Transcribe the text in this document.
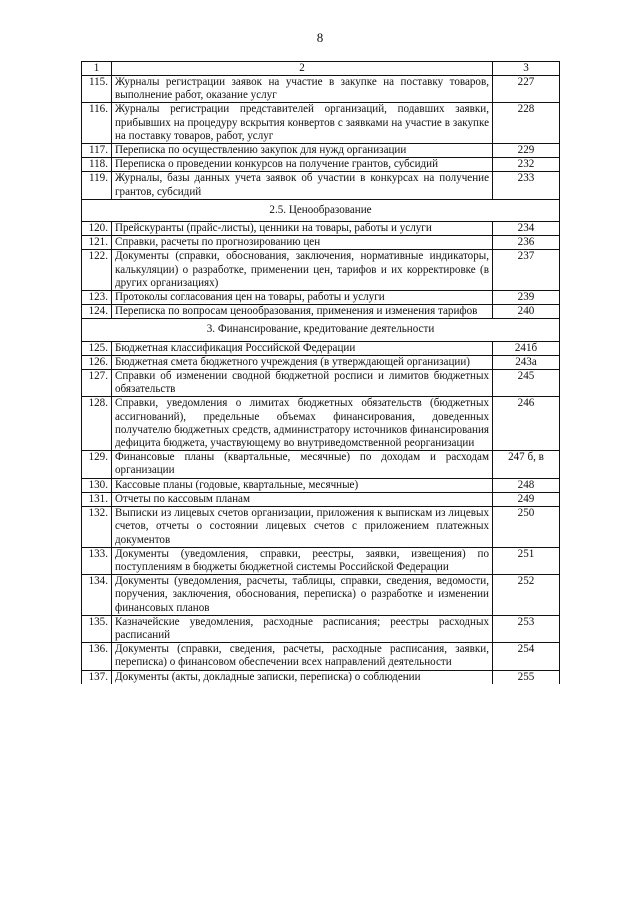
8
1	2	3
115.	Журналы регистрации заявок на участие в закупке на поставку товаров, выполнение работ, оказание услуг	227
116.	Журналы регистрации представителей организаций, подавших заявки, прибывших на процедуру вскрытия конвертов с заявками на участие в закупке на поставку товаров, работ, услуг	228
117.	Переписка по осуществлению закупок для нужд организации	229
118.	Переписка о проведении конкурсов на получение грантов, субсидий	232
119.	Журналы, базы данных учета заявок об участии в конкурсах на получение грантов, субсидий	233
2.5. Ценообразование		
120.	Прейскуранты (прайс-листы), ценники на товары, работы и услуги	234
121.	Справки, расчеты по прогнозированию цен	236
122.	Документы (справки, обоснования, заключения, нормативные индикаторы, калькуляции) о разработке, применении цен, тарифов и их корректировке (в других организациях)	237
123.	Протоколы согласования цен на товары, работы и услуги	239
124.	Переписка по вопросам ценообразования, применения и изменения тарифов	240
3. Финансирование, кредитование деятельности		
125.	Бюджетная классификация Российской Федерации	241б
126.	Бюджетная смета бюджетного учреждения (в утверждающей организации)	243а
127.	Справки об изменении сводной бюджетной росписи и лимитов бюджетных обязательств	245
128.	Справки, уведомления о лимитах бюджетных обязательств (бюджетных ассигнований), предельные объемах финансирования, доведенных получателю бюджетных средств, администратору источников финансирования дефицита бюджета, участвующему во внутриведомственной реорганизации	246
129.	Финансовые планы (квартальные, месячные) по доходам и расходам организации	247 б, в
130.	Кассовые планы (годовые, квартальные, месячные)	248
131.	Отчеты по кассовым планам	249
132.	Выписки из лицевых счетов организации, приложения к выпискам из лицевых счетов, отчеты о состоянии лицевых счетов с приложением платежных документов	250
133.	Документы (уведомления, справки, реестры, заявки, извещения) по поступлениям в бюджеты бюджетной системы Российской Федерации	251
134.	Документы (уведомления, расчеты, таблицы, справки, сведения, ведомости, поручения, заключения, обоснования, переписка) о разработке и изменении финансовых планов	252
135.	Казначейские уведомления, расходные расписания; реестры расходных расписаний	253
136.	Документы (справки, сведения, расчеты, расходные расписания, заявки, переписка) о финансовом обеспечении всех направлений деятельности	254
137.	Документы (акты, докладные записки, переписка) о соблюдении	255
